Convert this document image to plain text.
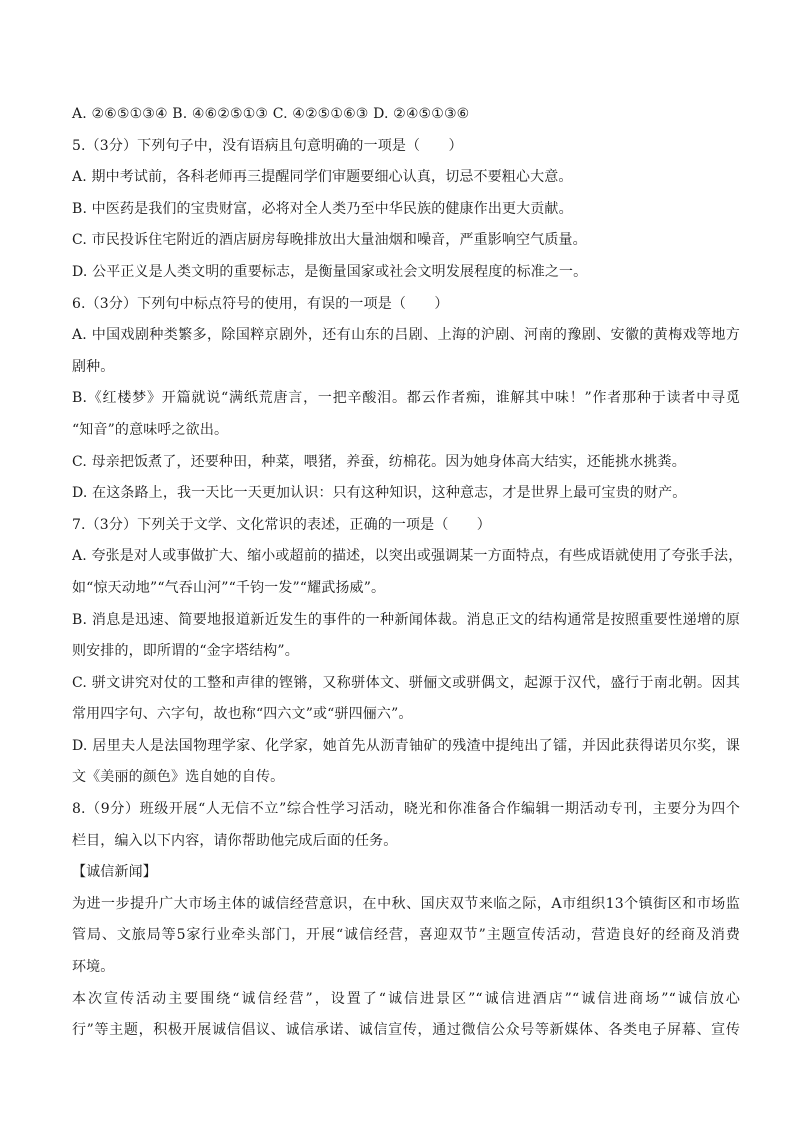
A. ②⑥⑤①③④ B. ④⑥②⑤①③ C. ④②⑤①⑥③ D. ②④⑤①③⑥
5.（3分）下列句子中，没有语病且句意明确的一项是（　　）
A. 期中考试前，各科老师再三提醒同学们审题要细心认真，切忌不要粗心大意。
B. 中医药是我们的宝贵财富，必将对全人类乃至中华民族的健康作出更大贡献。
C. 市民投诉住宅附近的酒店厨房每晚排放出大量油烟和噪音，严重影响空气质量。
D. 公平正义是人类文明的重要标志，是衡量国家或社会文明发展程度的标准之一。
6.（3分）下列句中标点符号的使用，有误的一项是（　　）
A. 中国戏剧种类繁多，除国粹京剧外，还有山东的吕剧、上海的沪剧、河南的豫剧、安徽的黄梅戏等地方
剧种。
B.《红楼梦》开篇就说“满纸荒唐言，一把辛酸泪。都云作者痴，谁解其中味！”作者那种于读者中寻觅
“知音”的意味呼之欲出。
C. 母亲把饭煮了，还要种田，种菜，喂猪，养蚕，纺棉花。因为她身体高大结实，还能挑水挑粪。
D. 在这条路上，我一天比一天更加认识：只有这种知识，这种意志，才是世界上最可宝贵的财产。
7.（3分）下列关于文学、文化常识的表述，正确的一项是（　　）
A. 夸张是对人或事做扩大、缩小或超前的描述，以突出或强调某一方面特点，有些成语就使用了夸张手法，
如“惊天动地”“气吞山河”“千钧一发”“耀武扬威”。
B. 消息是迅速、简要地报道新近发生的事件的一种新闻体裁。消息正文的结构通常是按照重要性递增的原
则安排的，即所谓的“金字塔结构”。
C. 骈文讲究对仗的工整和声律的铿锵，又称骈体文、骈俪文或骈偶文，起源于汉代，盛行于南北朝。因其
常用四字句、六字句，故也称“四六文”或“骈四俪六”。
D. 居里夫人是法国物理学家、化学家，她首先从沥青铀矿的残渣中提纯出了镭，并因此获得诺贝尔奖，课
文《美丽的颜色》选自她的自传。
8.（9分）班级开展“人无信不立”综合性学习活动，晓光和你准备合作编辑一期活动专刊，主要分为四个
栏目，编入以下内容，请你帮助他完成后面的任务。
【诚信新闻】
为进一步提升广大市场主体的诚信经营意识，在中秋、国庆双节来临之际，A市组织13个镇街区和市场监
管局、文旅局等5家行业牵头部门，开展“诚信经营，喜迎双节”主题宣传活动，营造良好的经商及消费
环境。
本次宣传活动主要围绕“诚信经营”，设置了“诚信进景区”“诚信进酒店”“诚信进商场”“诚信放心
行”等主题，积极开展诚信倡议、诚信承诺、诚信宣传，通过微信公众号等新媒体、各类电子屏幕、宣传
